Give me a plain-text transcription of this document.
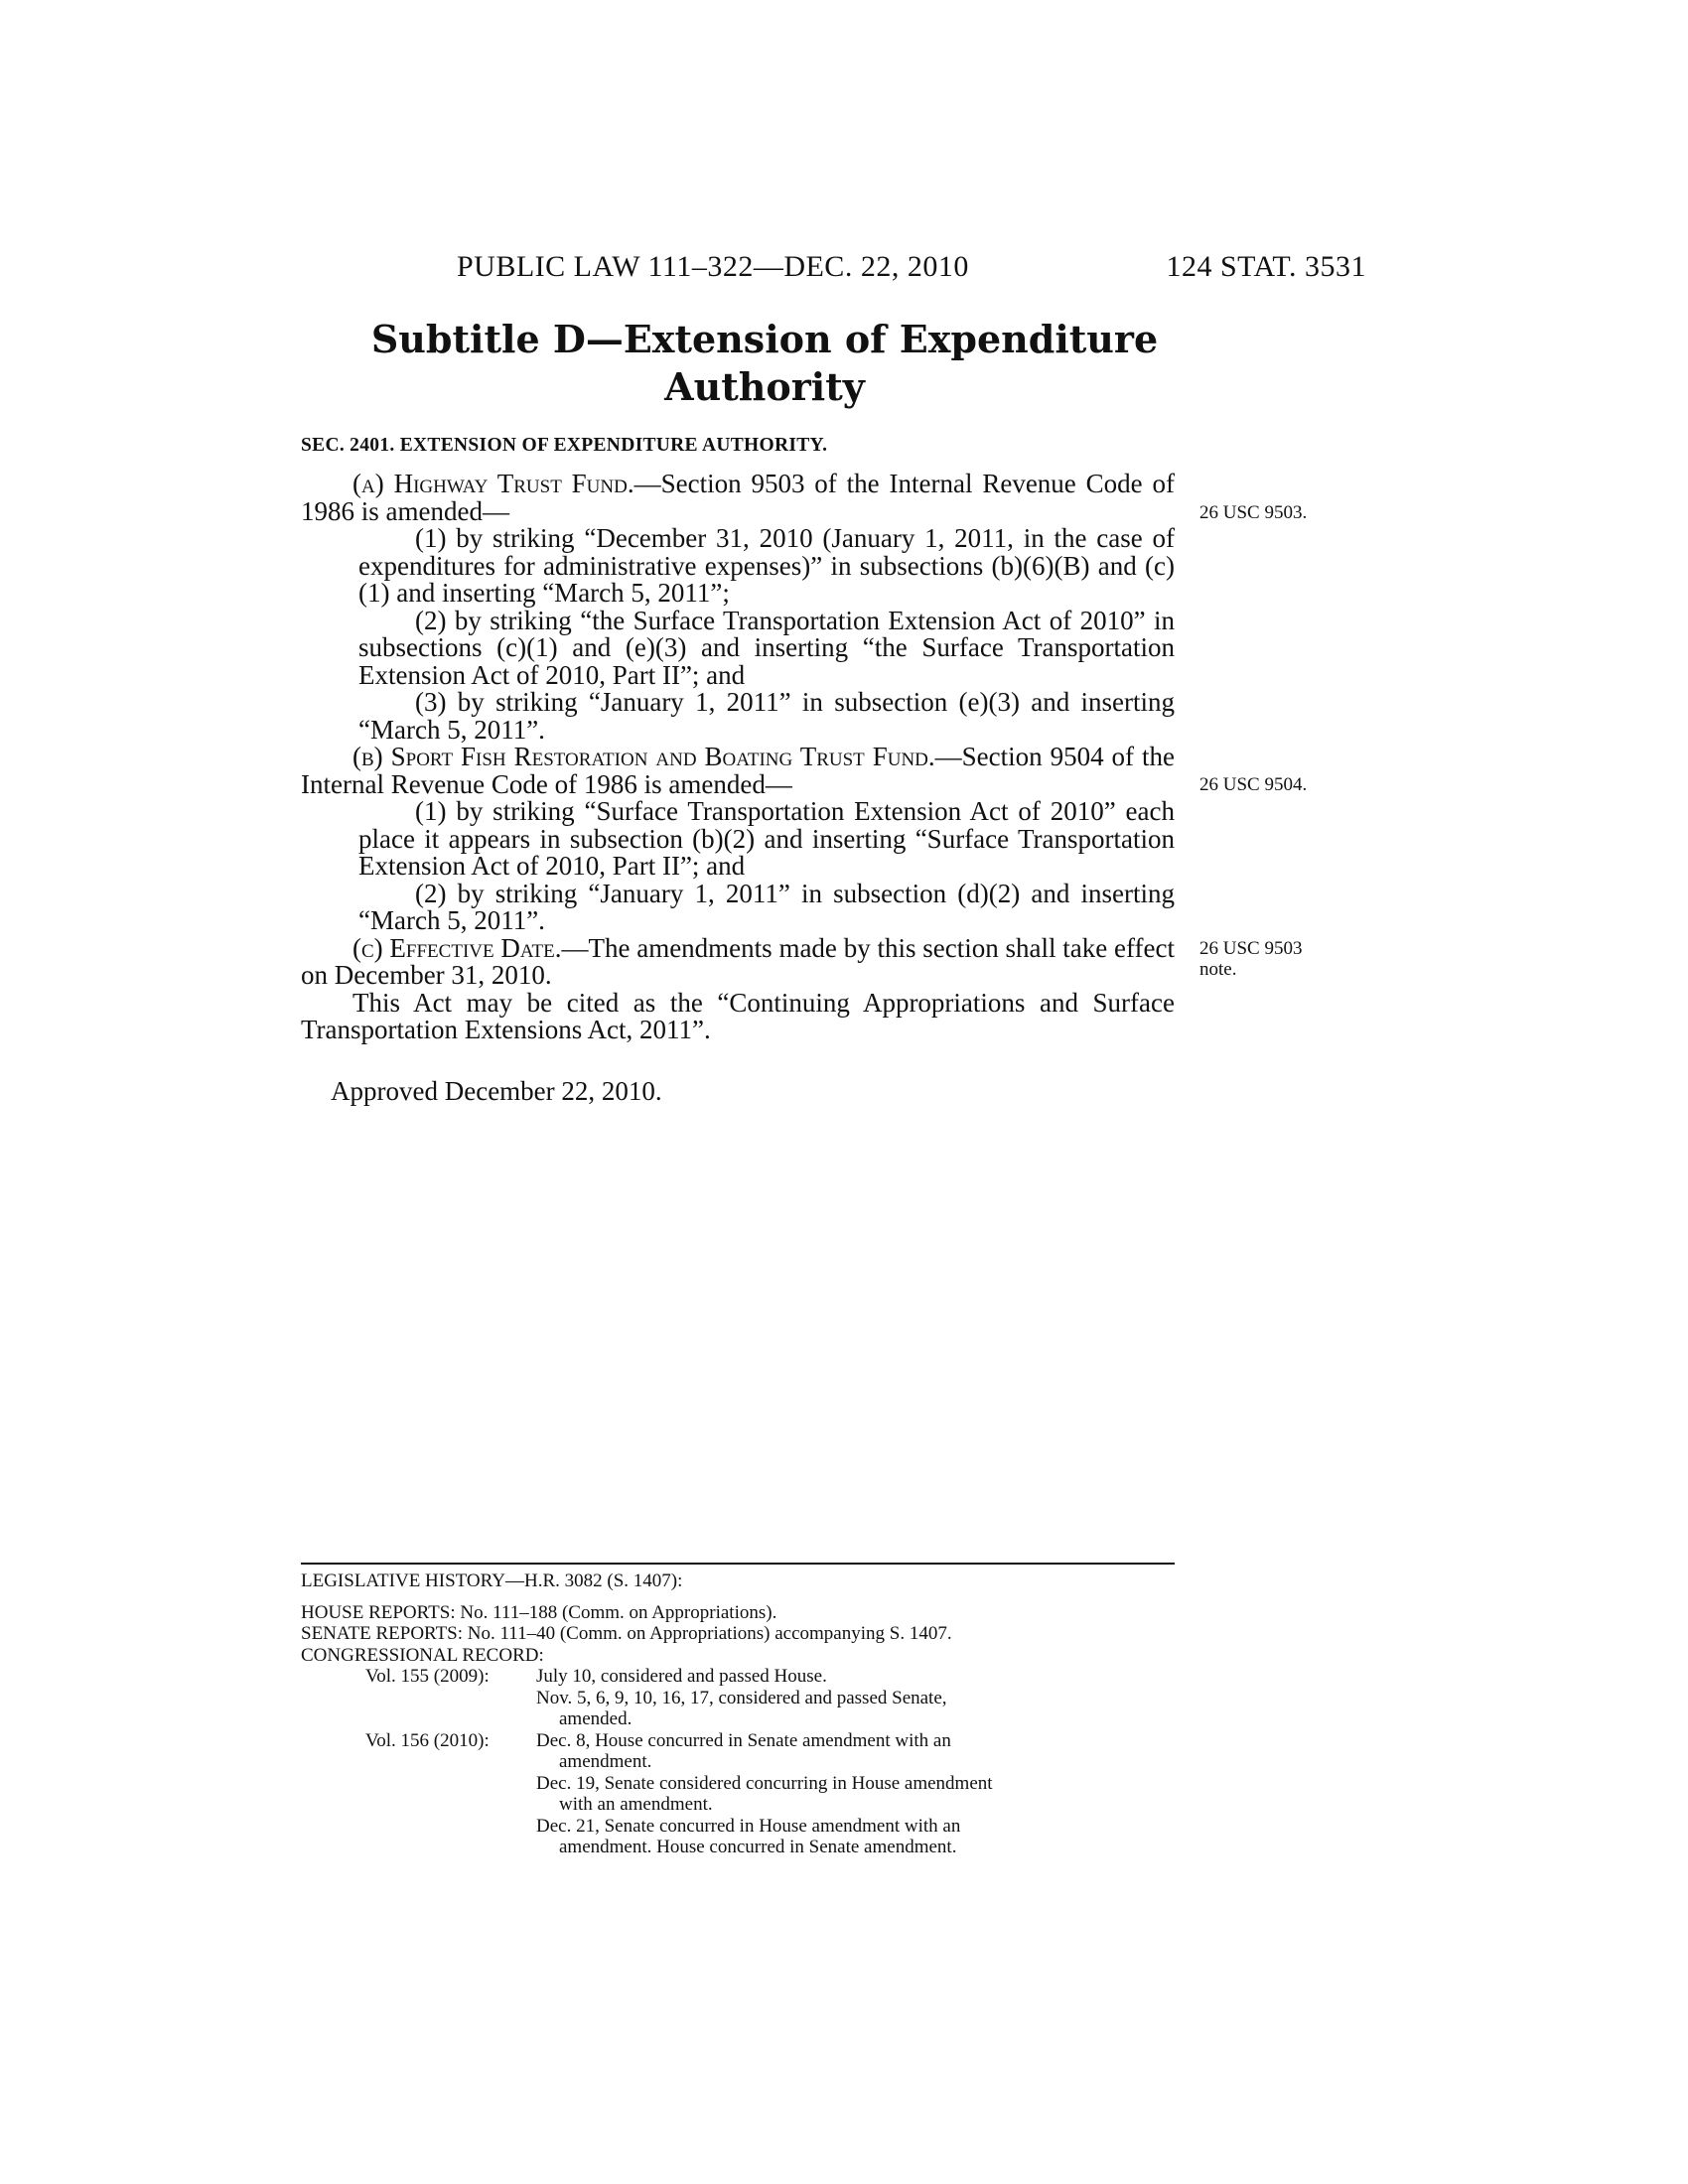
PUBLIC LAW 111–322—DEC. 22, 2010	124 STAT. 3531
Subtitle D—Extension of Expenditure
Authority
SEC. 2401. EXTENSION OF EXPENDITURE AUTHORITY.

(a) Highway Trust Fund.—Section 9503 of the Internal Revenue Code of 1986 is amended—

(1) by striking “December 31, 2010 (January 1, 2011, in the case of expenditures for administrative expenses)” in subsections (b)(6)(B) and (c)(1) and inserting “March 5, 2011”;

(2) by striking “the Surface Transportation Extension Act of 2010” in subsections (c)(1) and (e)(3) and inserting “the Surface Transportation Extension Act of 2010, Part II”; and

(3) by striking “January 1, 2011” in subsection (e)(3) and inserting “March 5, 2011”.

(b) Sport Fish Restoration and Boating Trust Fund.—Section 9504 of the Internal Revenue Code of 1986 is amended—

(1) by striking “Surface Transportation Extension Act of 2010” each place it appears in subsection (b)(2) and inserting “Surface Transportation Extension Act of 2010, Part II”; and

(2) by striking “January 1, 2011” in subsection (d)(2) and inserting “March 5, 2011”.

(c) Effective Date.—The amendments made by this section shall take effect on December 31, 2010.

This Act may be cited as the “Continuing Appropriations and Surface Transportation Extensions Act, 2011”.

26 USC 9503.
26 USC 9504.
26 USC 9503
note.
Approved December 22, 2010.
LEGISLATIVE HISTORY—H.R. 3082 (S. 1407):
HOUSE REPORTS: No. 111–188 (Comm. on Appropriations).
SENATE REPORTS: No. 111–40 (Comm. on Appropriations) accompanying S. 1407.
CONGRESSIONAL RECORD:
Vol. 155 (2009): July 10, considered and passed House.
Nov. 5, 6, 9, 10, 16, 17, considered and passed Senate,
amended.
Vol. 156 (2010): Dec. 8, House concurred in Senate amendment with an
amendment.
Dec. 19, Senate considered concurring in House amendment
with an amendment.
Dec. 21, Senate concurred in House amendment with an
amendment. House concurred in Senate amendment.
